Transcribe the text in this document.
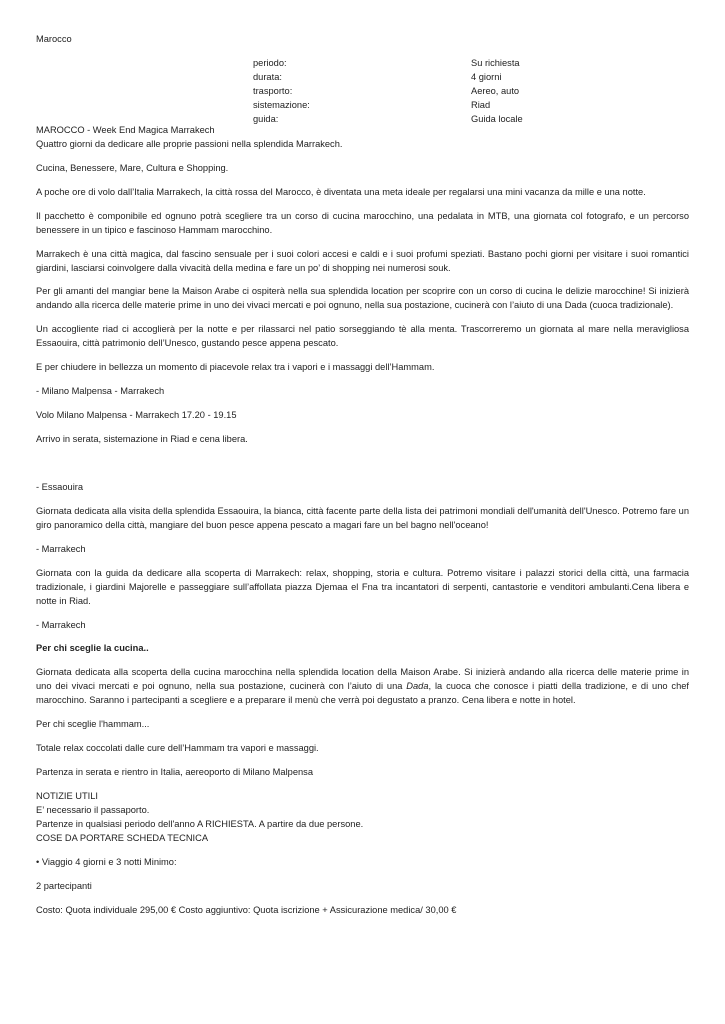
Marocco
periodo:	Su richiesta
durata:	4 giorni
trasporto:	Aereo, auto
sistemazione:	Riad
guida:	Guida locale
MAROCCO - Week End Magica Marrakech

Quattro giorni da dedicare alle proprie passioni nella splendida Marrakech.

Cucina, Benessere, Mare, Cultura e Shopping.

A poche ore di volo dall’Italia Marrakech, la città rossa del Marocco, è diventata una meta ideale per regalarsi una mini vacanza da mille e una notte.

Il pacchetto è componibile ed ognuno potrà scegliere tra un corso di cucina marocchino, una pedalata in MTB, una giornata col fotografo, e un percorso benessere in un tipico e fascinoso Hammam marocchino.

Marrakech è una città magica, dal fascino sensuale per i suoi colori accesi e caldi e i suoi profumi speziati. Bastano pochi giorni per visitare i suoi romantici giardini, lasciarsi coinvolgere dalla vivacità della medina e fare un po’ di shopping nei numerosi souk.

Per gli amanti del mangiar bene la Maison Arabe ci ospiterà nella sua splendida location per scoprire con un corso di cucina le delizie marocchine! Si inizierà andando alla ricerca delle materie prime in uno dei vivaci mercati e poi ognuno, nella sua postazione, cucinerà con l’aiuto di una Dada (cuoca tradizionale).

Un accogliente riad ci accoglierà per la notte e per rilassarci nel patio sorseggiando tè alla menta. Trascorreremo un giornata al mare nella meravigliosa Essaouira, città patrimonio dell’Unesco, gustando pesce appena pescato.

E per chiudere in bellezza un momento di piacevole relax tra i vapori e i massaggi dell’Hammam.

- Milano Malpensa - Marrakech

Volo Milano Malpensa - Marrakech 17.20 - 19.15

Arrivo in serata, sistemazione in Riad e cena libera.

- Essaouira

Giornata dedicata alla visita della splendida Essaouira, la bianca, città facente parte della lista dei patrimoni mondiali dell'umanità dell'Unesco. Potremo fare un giro panoramico della città, mangiare del buon pesce appena pescato a magari fare un bel bagno nell'oceano!

- Marrakech

Giornata con la guida da dedicare alla scoperta di Marrakech: relax, shopping, storia e cultura. Potremo visitare i palazzi storici della città, una farmacia tradizionale, i giardini Majorelle e passeggiare sull’affollata piazza Djemaa el Fna tra incantatori di serpenti, cantastorie e venditori ambulanti.Cena libera e notte in Riad.

- Marrakech

Per chi sceglie la cucina..

Giornata dedicata alla scoperta della cucina marocchina nella splendida location della Maison Arabe. Si inizierà andando alla ricerca delle materie prime in uno dei vivaci mercati e poi ognuno, nella sua postazione, cucinerà con l’aiuto di una Dada, la cuoca che conosce i piatti della tradizione, e di uno chef marocchino. Saranno i partecipanti a scegliere e a preparare il menù che verrà poi degustato a pranzo. Cena libera e notte in hotel.

Per chi sceglie l'hammam...

Totale relax coccolati dalle cure dell’Hammam tra vapori e massaggi.

Partenza in serata e rientro in Italia, aereoporto di Milano Malpensa

NOTIZIE UTILI
E’ necessario il passaporto.
Partenze in qualsiasi periodo dell'anno A RICHIESTA. A partire da due persone.
COSE DA PORTARE SCHEDA TECNICA

• Viaggio 4 giorni e 3 notti Minimo:

2 partecipanti

Costo: Quota individuale 295,00 € Costo aggiuntivo: Quota iscrizione + Assicurazione medica/ 30,00 €
